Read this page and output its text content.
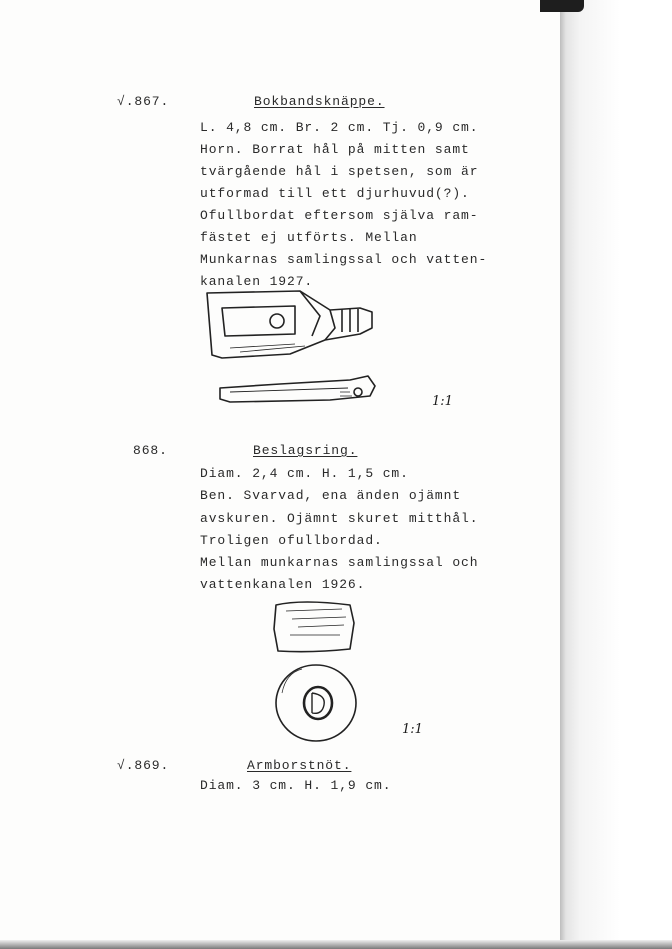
√.867.	Bokbandsknäppe.
L. 4,8 cm. Br. 2 cm. Tj. 0,9 cm.
Horn. Borrat hål på mitten samt
tvärgående hål i spetsen, som är
utformad till ett djurhuvud(?).
Ofullbordat eftersom själva ram-
fästet ej utförts. Mellan
Munkarnas samlingssal och vatten-
kanalen 1927.
1:1
868.	Beslagsring.
Diam. 2,4 cm. H. 1,5 cm.
Ben. Svarvad, ena änden ojämnt
avskuren. Ojämnt skuret mitthål.
Troligen ofullbordad.
Mellan munkarnas samlingssal och
vattenkanalen 1926.
1:1
√.869.	Armborstnöt.
Diam. 3 cm. H. 1,9 cm.
